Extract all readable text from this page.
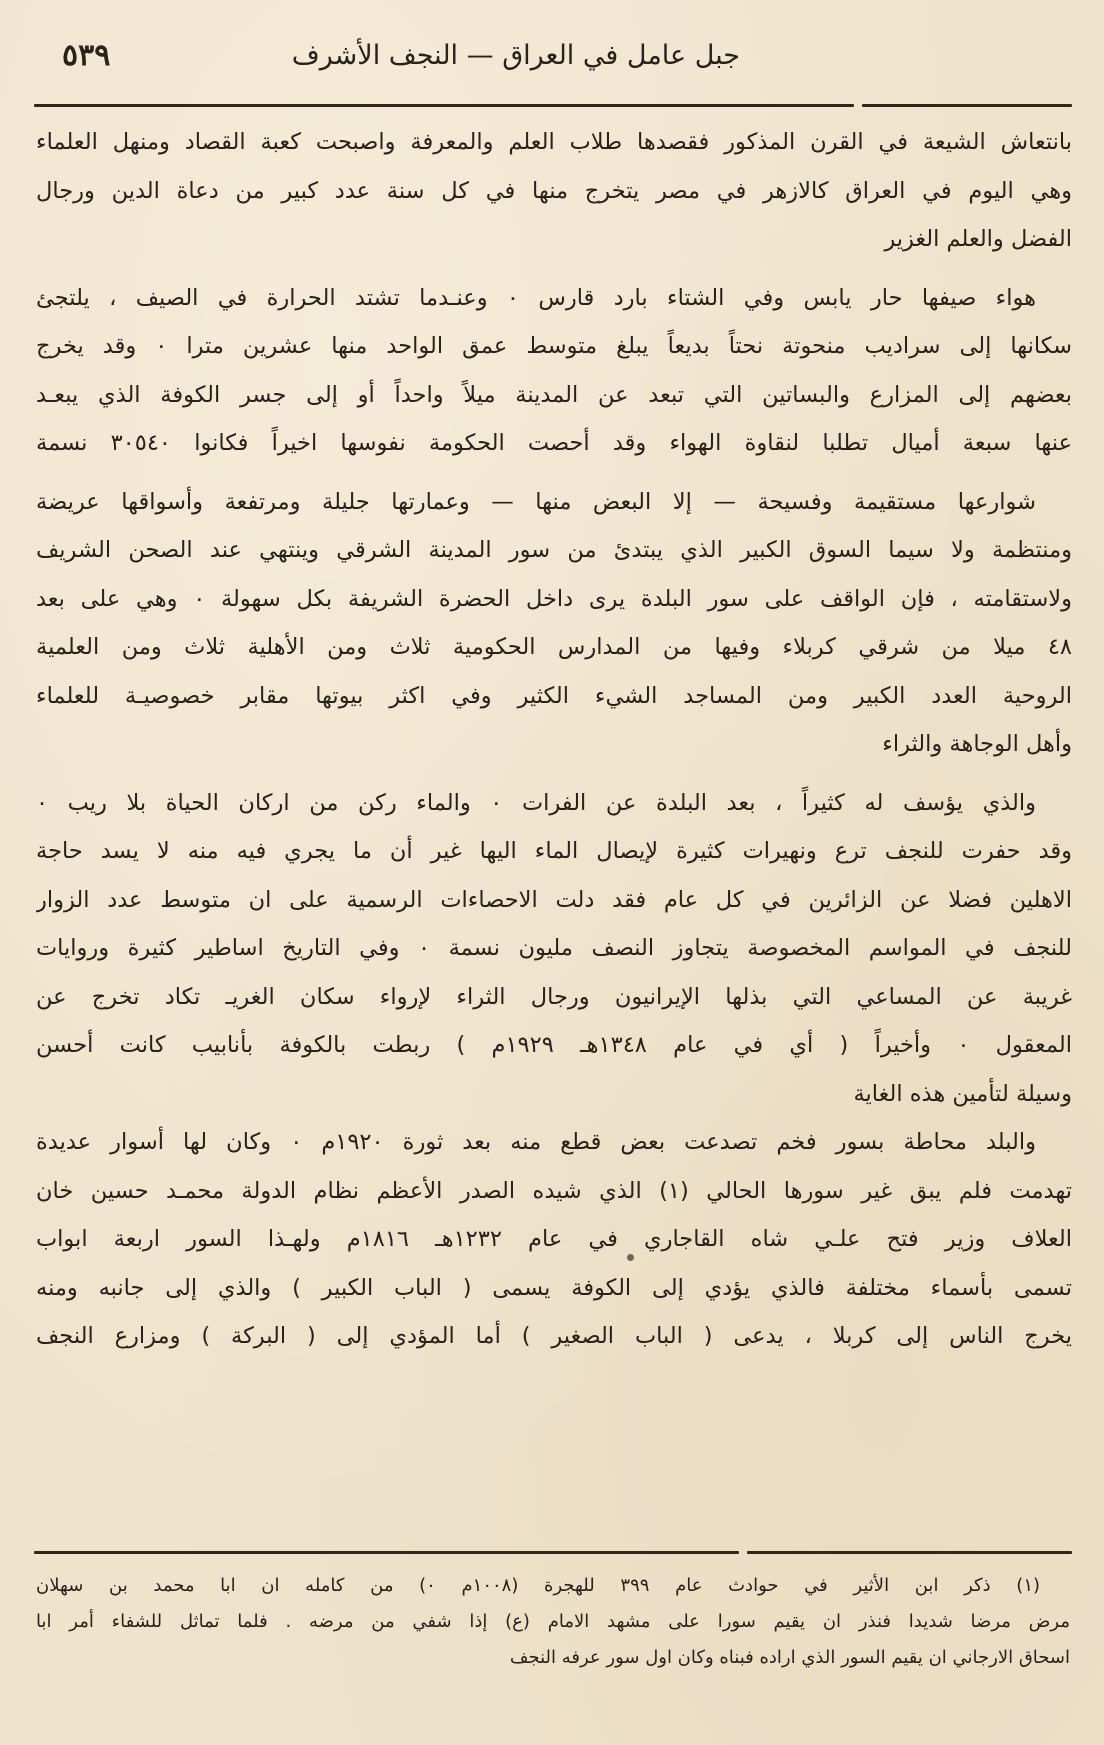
٥٣٩	جبل عامل في العراق — النجف الأشرف

بانتعاش الشيعة في القرن المذكور فقصدها طلاب العلم والمعرفة واصبحت كعبة القصاد ومنهل العلماء
وهي اليوم في العراق كالازهر في مصر يتخرج منها في كل سنة عدد كبير من دعاة الدين ورجال
الفضل والعلم الغزير

هواء صيفها حار يابس وفي الشتاء بارد قارس ٠ وعنـدما تشتد الحرارة في الصيف ، يلتجئ
سكانها إلى سراديب منحوتة نحتاً بديعاً يبلغ متوسط عمق الواحد منها عشرين مترا ٠ وقد يخرج
بعضهم إلى المزارع والبساتين التي تبعد عن المدينة ميلاً واحداً أو إلى جسر الكوفة الذي يبعـد
عنها سبعة أميال تطلبا لنقاوة الهواء وقد أحصت الحكومة نفوسها اخيراً فكانوا ٣٠٥٤٠ نسمة

شوارعها مستقيمة وفسيحة — إلا البعض منها — وعمارتها جليلة ومرتفعة وأسواقها عريضة
ومنتظمة ولا سيما السوق الكبير الذي يبتدئ من سور المدينة الشرقي وينتهي عند الصحن الشريف
ولاستقامته ، فإن الواقف على سور البلدة يرى داخل الحضرة الشريفة بكل سهولة ٠ وهي على بعد
٤٨ ميلا من شرقي كربلاء وفيها من المدارس الحكومية ثلاث ومن الأهلية ثلاث ومن العلمية
الروحية العدد الكبير ومن المساجد الشيء الكثير وفي اكثر بيوتها مقابر خصوصيـة للعلماء
وأهل الوجاهة والثراء

والذي يؤسف له كثيراً ، بعد البلدة عن الفرات ٠ والماء ركن من اركان الحياة بلا ريب ٠
وقد حفرت للنجف ترع ونهيرات كثيرة لإيصال الماء اليها غير أن ما يجري فيه منه لا يسد حاجة
الاهلين فضلا عن الزائرين في كل عام فقد دلت الاحصاءات الرسمية على ان متوسط عدد الزوار
للنجف في المواسم المخصوصة يتجاوز النصف مليون نسمة ٠ وفي التاريخ اساطير كثيرة وروايات
غريبة عن المساعي التي بذلها الإيرانيون ورجال الثراء لإرواء سكان الغريـ تكاد تخرج عن
المعقول ٠ وأخيراً ( أي في عام ١٣٤٨هـ ١٩٢٩م ) ربطت بالكوفة بأنابيب كانت أحسن
وسيلة لتأمين هذه الغاية

والبلد محاطة بسور فخم تصدعت بعض قطع منه بعد ثورة ١٩٢٠م ٠ وكان لها أسوار عديدة
تهدمت فلم يبق غير سورها الحالي (١) الذي شيده الصدر الأعظم نظام الدولة محمـد حسين خان
العلاف وزير فتح علـي شاه القاجاري في عام ١٢٣٢هـ ١٨١٦م ولهـذا السور اربعة ابواب
تسمى بأسماء مختلفة فالذي يؤدي إلى الكوفة يسمى ( الباب الكبير ) والذي إلى جانبه ومنه
يخرج الناس إلى كربلا ، يدعى ( الباب الصغير ) أما المؤدي إلى ( البركة ) ومزارع النجف

(١) ذكر ابن الأثير في حوادث عام ٣٩٩ للهجرة (١٠٠٨م ٠) من كامله ان ابا محمد بن سهلان
مرض مرضا شديدا فنذر ان يقيم سورا على مشهد الامام (ع) إذا شفي من مرضه . فلما تماثل للشفاء أمر ابا
اسحاق الارجاني ان يقيم السور الذي اراده فبناه وكان اول سور عرفه النجف
